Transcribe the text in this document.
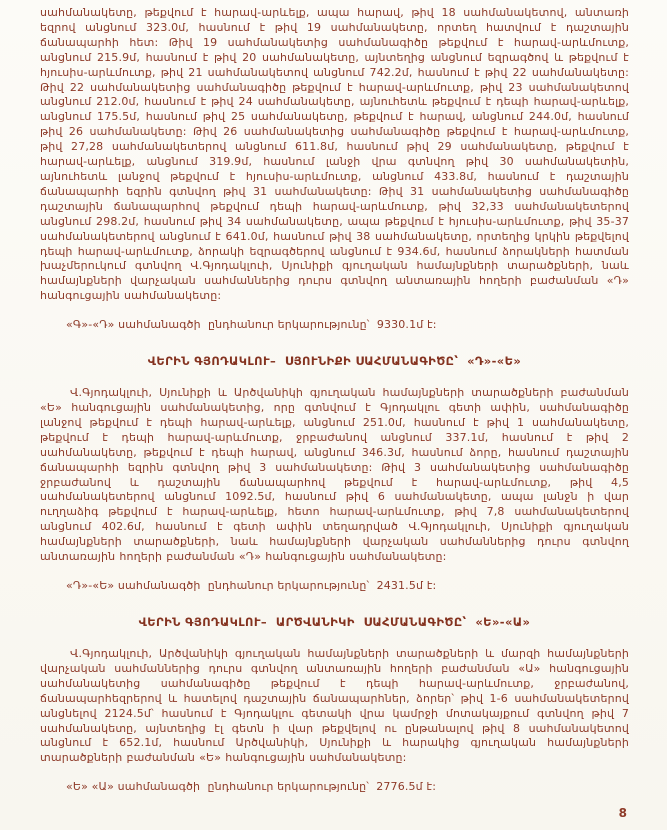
սահմանակետը, թեքվում է հարավ-արևելք, ապա հարավ, թիվ 18 սահմանակետով, անտառի եզրով անցնում 323.0մ, հասնում է թիվ 19 սահմանակետը, որտեղ հատվում է դաշտային ճանապարհի հետ: Թիվ 19 սահմանակետից սահմանագիծը թեքվում է հարավ-արևմուտք, անցնում 215.9մ, հասնում է թիվ 20 սահմանակետը, այնտեղից անցնում եզրագծով և թեքվում է հյուսիս-արևմուտք, թիվ 21 սահմանակետով անցնում 742.2մ, հասնում է թիվ 22 սահմանակետը: Թիվ 22 սահմանակետից սահմանագիծը թեքվում է հարավ-արևմուտք, թիվ 23 սահմանակետով անցնում 212.0մ, հասնում է թիվ 24 սահմանակետը, այնուհետև թեքվում է դեպի հարավ-արևելք, անցնում 175.5մ, հասնում թիվ 25 սահմանակետը, թեքվում է հարավ, անցնում 244.0մ, հասնում թիվ 26 սահմանակետը: Թիվ 26 սահմանակետից սահմանագիծը թեքվում է հարավ-արևմուտք, թիվ 27,28 սահմանակետերով անցնում 611.8մ, հասնում թիվ 29 սահմանակետը, թեքվում է հարավ-արևելք, անցնում 319.9մ, հասնում լանջի վրա գտնվող թիվ 30 սահմանակետին, այնուհետև լանջով թեքվում է հյուսիս-արևմուտք, անցնում 433.8մ, հասնում է դաշտային ճանապարհի եզրին գտնվող թիվ 31 սահմանակետը: Թիվ 31 սահմանակետից սահմանագիծը դաշտային ճանապարհով թեքվում դեպի հարավ-արևմուտք, թիվ 32,33 սահմանակետերով անցնում 298.2մ, հասնում թիվ 34 սահմանակետը, ապա թեքվում է հյուսիս-արևմուտք, թիվ 35-37 սահմանակետերով անցնում է 641.0մ, հասնում թիվ 38 սահմանակետը, որտեղից կրկին թեքվելով դեպի հարավ-արևմուտք, ձորակի եզրագծերով անցնում է 934.6մ, հասնում ձորակների հատման խաչմերուկում գտնվող Վ.Գյոդակլուի, Սյունիքի գյուղական համայնքների տարածքների, նաև համայնքների վարչական սահմաններից դուրս գտնվող անտառային հողերի բաժանման «Դ» հանգուցային սահմանակետը:

«Գ»-«Դ» սահմանագծի  ընդհանուր երկարությունը՝  9330.1մ է:

ՎԵՐԻՆ ԳՅՈԴԱԿԼՈՒ–  ՍՅՈՒՆԻՔԻ ՍԱՀՄԱՆԱԳԻԾԸ՝  «Դ»-«Ե»

Վ.Գյոդակլուի, Սյունիքի և Արծվանիկի գյուղական համայնքների տարածքների բաժանման «Ե» հանգուցային սահմանակետից, որը գտնվում է Գյոդակլու գետի ափին, սահմանագիծը լանջով թեքվում է դեպի հարավ-արևելք, անցնում 251.0մ, հասնում է թիվ 1 սահմանակետը, թեքվում է դեպի հարավ-արևմուտք, ջրբաժանով անցնում 337.1մ, հասնում է թիվ 2 սահմանակետը, թեքվում է դեպի հարավ, անցնում 346.3մ, հասնում ձորը, հասնում դաշտային ճանապարհի եզրին գտնվող թիվ 3 սահմանակետը: Թիվ 3 սահմանակետից սահմանագիծը ջրբաժանով և դաշտային ճանապարհով թեքվում է հարավ-արևմուտք, թիվ 4,5 սահմանակետերով անցնում 1092.5մ, հասնում թիվ 6 սահմանակետը, ապա լանջն ի վար ուղղաձիգ թեքվում է հարավ-արևելք, հետո հարավ-արևմուտք, թիվ 7,8 սահմանակետերով անցնում 402.6մ, հասնում է գետի ափին տեղադրված Վ.Գյոդակլուի, Սյունիքի գյուղական համայնքների տարածքների, նաև համայնքների վարչական սահմաններից դուրս գտնվող անտառային հողերի բաժանման «Դ» հանգուցային սահմանակետը:

«Դ»-«Ե» սահմանագծի  ընդհանուր երկարությունը՝  2431.5մ է:

ՎԵՐԻՆ ԳՅՈԴԱԿԼՈՒ–  ԱՐԾՎԱՆԻԿԻ  ՍԱՀՄԱՆԱԳԻԾԸ՝  «Ե»-«Ա»

Վ.Գյոդակլուի, Արծվանիկի գյուղական համայնքների տարածքների և մարզի համայնքների վարչական սահմաններից դուրս գտնվող անտառային հողերի բաժանման «Ա» հանգուցային սահմանակետից սահմանագիծը թեքվում է դեպի հարավ-արևմուտք, ջրբաժանով, ճանապարհեզրերով և հատելով դաշտային ճանապարհներ, ձորեր՝ թիվ 1-6 սահմանակետերով անցնելով 2124.5մ՝ հասնում է Գյոդակլու գետակի վրա կամրջի մոտակայքում գտնվող թիվ 7 սահմանակետը, այնտեղից էլ գետն ի վար թեքվելով ու ընթանալով թիվ 8 սահմանակետով անցնում է 652.1մ, հասնում Արծվանիկի, Սյունիքի և հարակից գյուղական համայնքների տարածքների բաժանման «Ե» հանգուցային սահմանակետը:

«Ե» «Ա» սահմանագծի  ընդհանուր երկարությունը՝  2776.5մ է:

8
